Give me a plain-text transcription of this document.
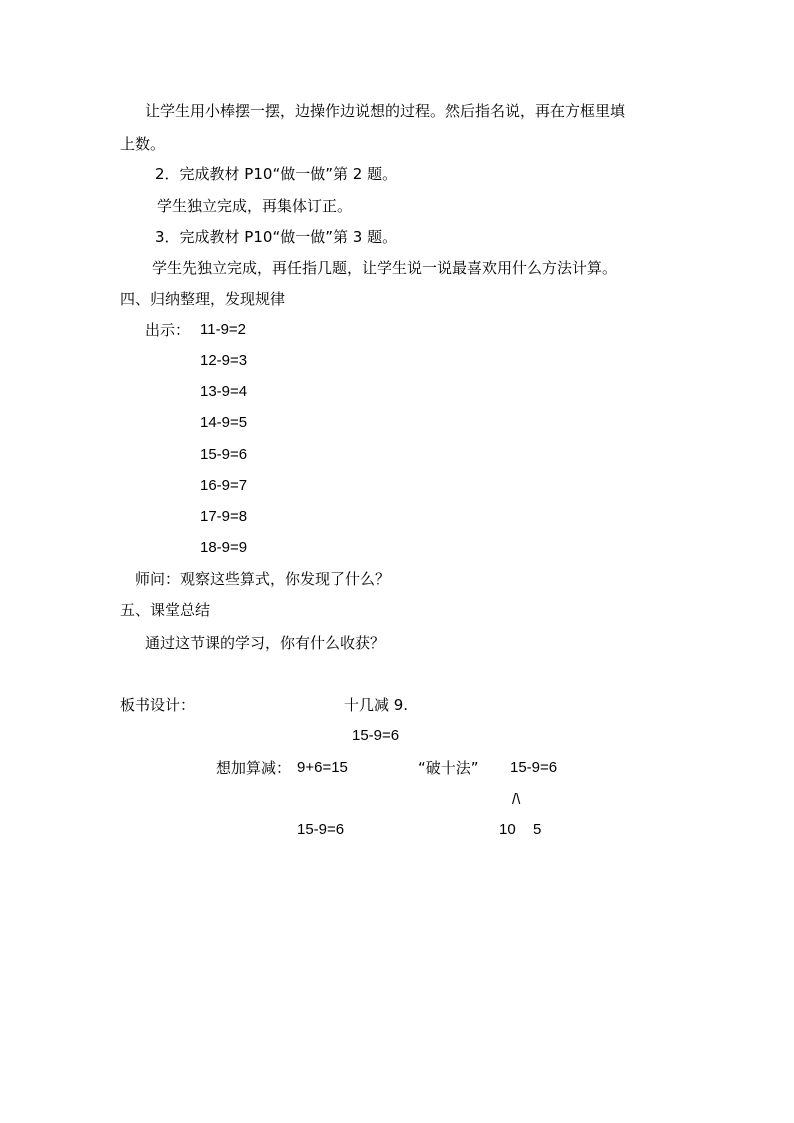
让学生用小棒摆一摆，边操作边说想的过程。然后指名说，再在方框里填
上数。
2．完成教材 P10“做一做”第 2 题。
学生独立完成，再集体订正。
3．完成教材 P10“做一做”第 3 题。
学生先独立完成，再任指几题，让学生说一说最喜欢用什么方法计算。
四、归纳整理，发现规律
出示： 11-9=2
12-9=3
13-9=4
14-9=5
15-9=6
16-9=7
17-9=8
18-9=9
师问：观察这些算式，你发现了什么？
五、课堂总结
通过这节课的学习，你有什么收获？
板书设计：	十几减 9.
15-9=6
想加算减： 9+6=15	“破十法” 15-9=6
/\
15-9=6	10 5
